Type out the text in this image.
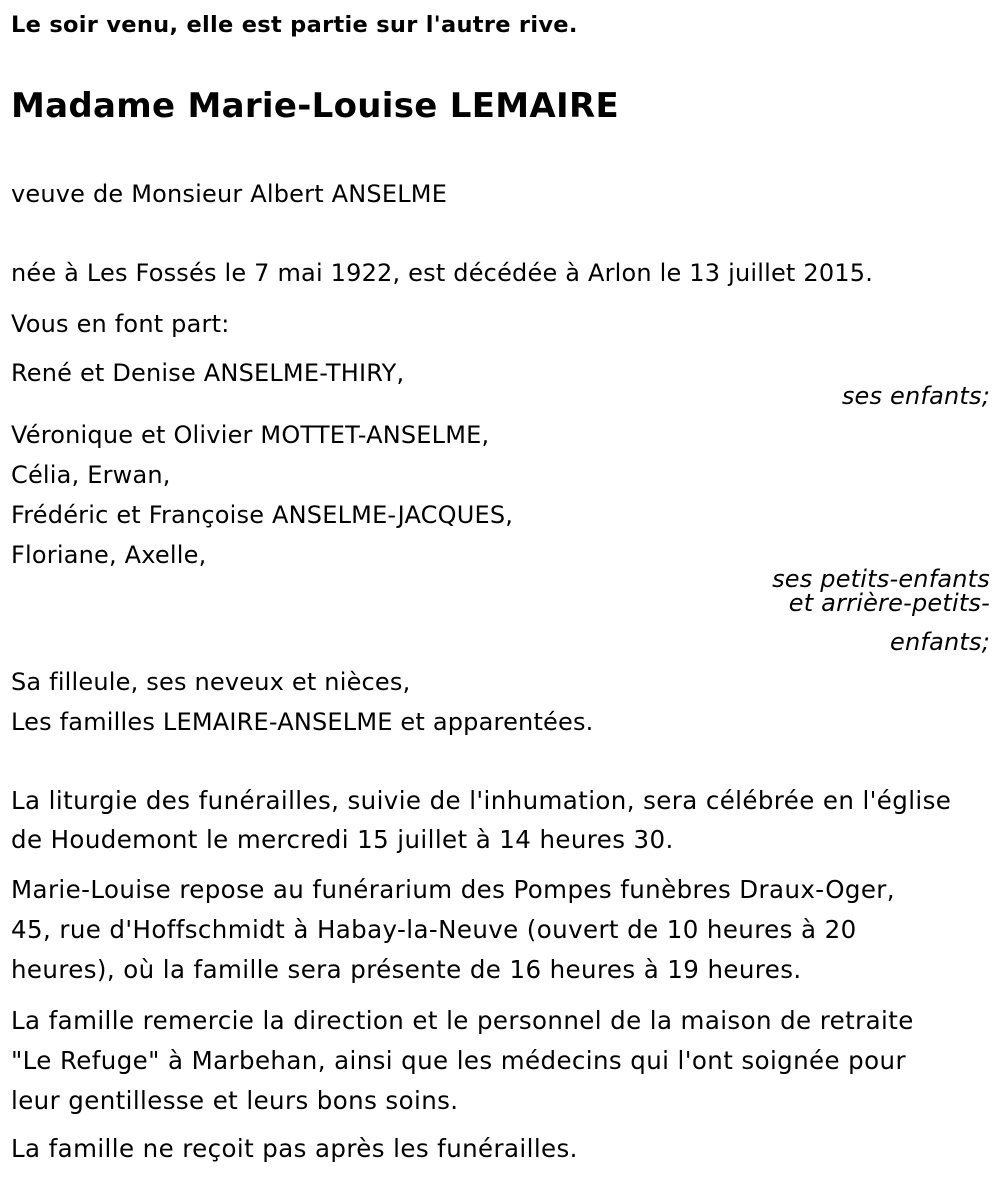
Le soir venu, elle est partie sur l'autre rive.
Madame Marie-Louise LEMAIRE
veuve de Monsieur Albert ANSELME
née à Les Fossés le 7 mai 1922, est décédée à Arlon le 13 juillet 2015.
Vous en font part:
René et Denise ANSELME-THIRY,
ses enfants;
Véronique et Olivier MOTTET-ANSELME,
Célia, Erwan,
Frédéric et Françoise ANSELME-JACQUES,
Floriane, Axelle,
ses petits-enfants
et arrière-petits-
enfants;
Sa filleule, ses neveux et nièces,
Les familles LEMAIRE-ANSELME et apparentées.
La liturgie des funérailles, suivie de l'inhumation, sera célébrée en l'église
de Houdemont le mercredi 15 juillet à 14 heures 30.
Marie-Louise repose au funérarium des Pompes funèbres Draux-Oger,
45, rue d'Hoffschmidt à Habay-la-Neuve (ouvert de 10 heures à 20
heures), où la famille sera présente de 16 heures à 19 heures.
La famille remercie la direction et le personnel de la maison de retraite
"Le Refuge" à Marbehan, ainsi que les médecins qui l'ont soignée pour
leur gentillesse et leurs bons soins.
La famille ne reçoit pas après les funérailles.
